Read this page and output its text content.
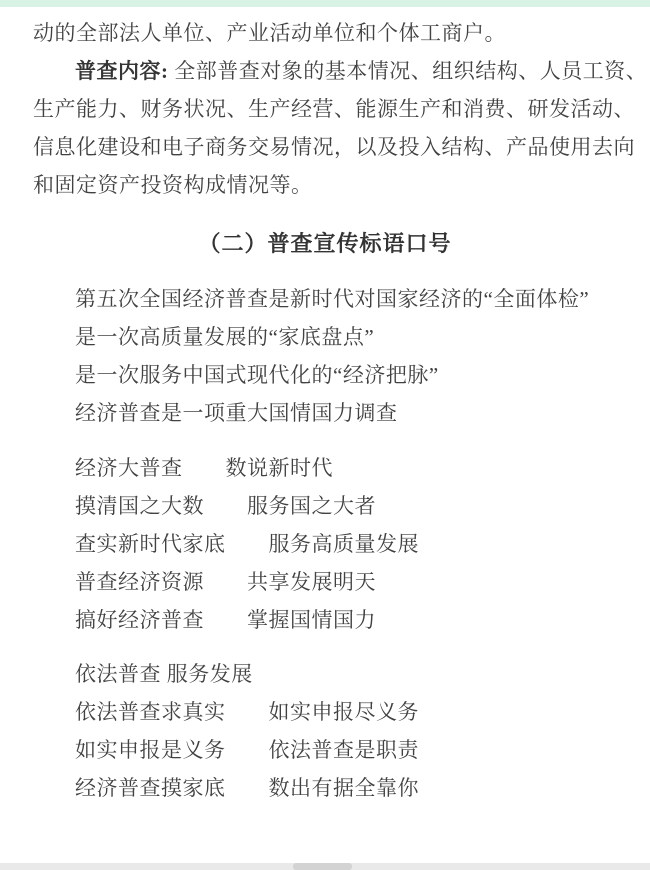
动的全部法人单位、产业活动单位和个体工商户。
普查内容: 全部普查对象的基本情况、组织结构、人员工资、
生产能力、财务状况、生产经营、能源生产和消费、研发活动、
信息化建设和电子商务交易情况，以及投入结构、产品使用去向
和固定资产投资构成情况等。
（二）普查宣传标语口号
第五次全国经济普查是新时代对国家经济的“全面体检”
是一次高质量发展的“家底盘点”
是一次服务中国式现代化的“经济把脉”
经济普查是一项重大国情国力调查
经济大普查　　数说新时代
摸清国之大数　　服务国之大者
查实新时代家底　　服务高质量发展
普查经济资源　　共享发展明天
搞好经济普查　　掌握国情国力
依法普查 服务发展
依法普查求真实　　如实申报尽义务
如实申报是义务　　依法普查是职责
经济普查摸家底　　数出有据全靠你
